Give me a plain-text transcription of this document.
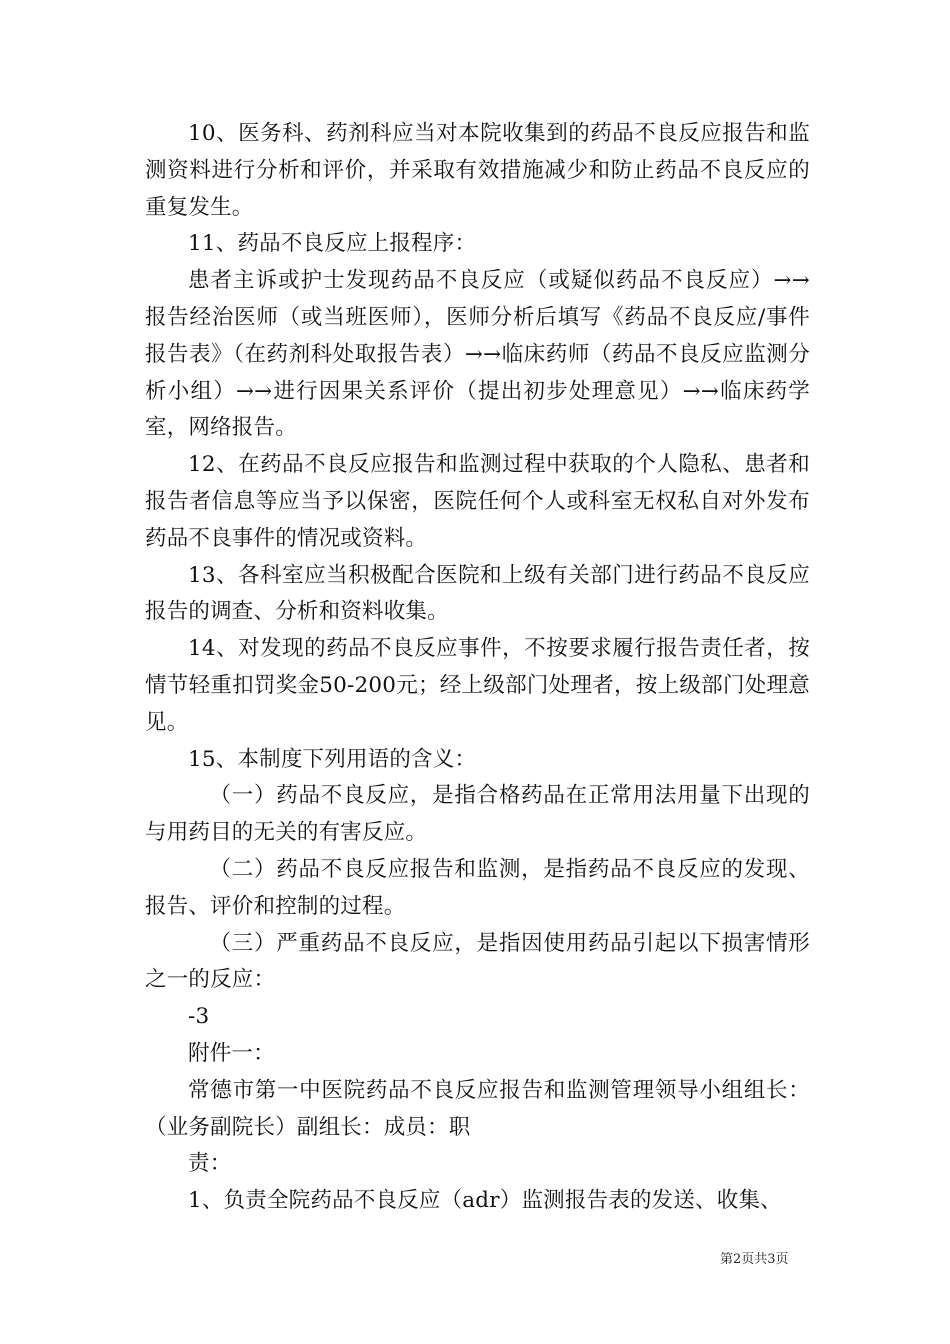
10、医务科、药剂科应当对本院收集到的药品不良反应报告和监测资料进行分析和评价，并采取有效措施减少和防止药品不良反应的重复发生。

11、药品不良反应上报程序：

患者主诉或护士发现药品不良反应（或疑似药品不良反应）→→报告经治医师（或当班医师），医师分析后填写《药品不良反应/事件报告表》（在药剂科处取报告表）→→临床药师（药品不良反应监测分析小组）→→进行因果关系评价（提出初步处理意见）→→临床药学室，网络报告。

12、在药品不良反应报告和监测过程中获取的个人隐私、患者和报告者信息等应当予以保密，医院任何个人或科室无权私自对外发布药品不良事件的情况或资料。

13、各科室应当积极配合医院和上级有关部门进行药品不良反应报告的调查、分析和资料收集。

14、对发现的药品不良反应事件，不按要求履行报告责任者，按情节轻重扣罚奖金50-200元；经上级部门处理者，按上级部门处理意见。

15、本制度下列用语的含义：

（一）药品不良反应，是指合格药品在正常用法用量下出现的与用药目的无关的有害反应。

（二）药品不良反应报告和监测，是指药品不良反应的发现、报告、评价和控制的过程。

（三）严重药品不良反应，是指因使用药品引起以下损害情形之一的反应：

-3

附件一：

常德市第一中医院药品不良反应报告和监测管理领导小组组长：（业务副院长）副组长：成员：职

责：

1、负责全院药品不良反应（adr）监测报告表的发送、收集、

第2页共3页
